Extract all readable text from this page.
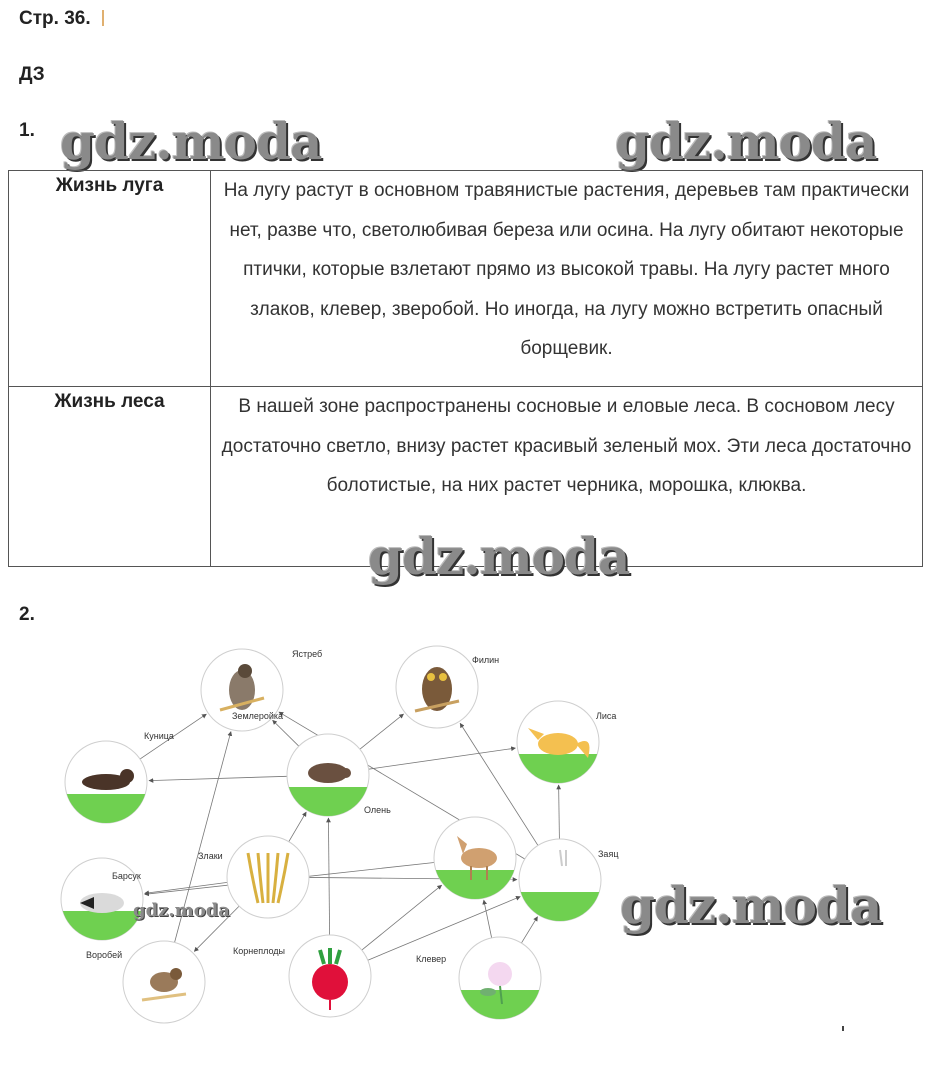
Стр. 36.
ДЗ
1. gdz.moda	gdz.moda
Жизнь луга	На лугу растут в основном травянистые растения, деревьев там практически нет, разве что, светолюбивая береза или осина. На лугу обитают некоторые птички, которые взлетают прямо из высокой травы. На лугу растет много злаков, клевер, зверобой. Но иногда, на лугу можно встретить опасный борщевик.
Жизнь леса	В нашей зоне распространены сосновые и еловые леса. В сосновом лесу достаточно светло, внизу растет красивый зеленый мох. Эти леса достаточно болотистые, на них растет черника, морошка, клюква.
gdz.moda
2.
Ястреб
Филин
Лиса
Куница
Землеройка
Олень
Злаки
Барсук
Заяц
Воробей	Корнеплоды
Клевер
gdz.moda
gdz.moda
